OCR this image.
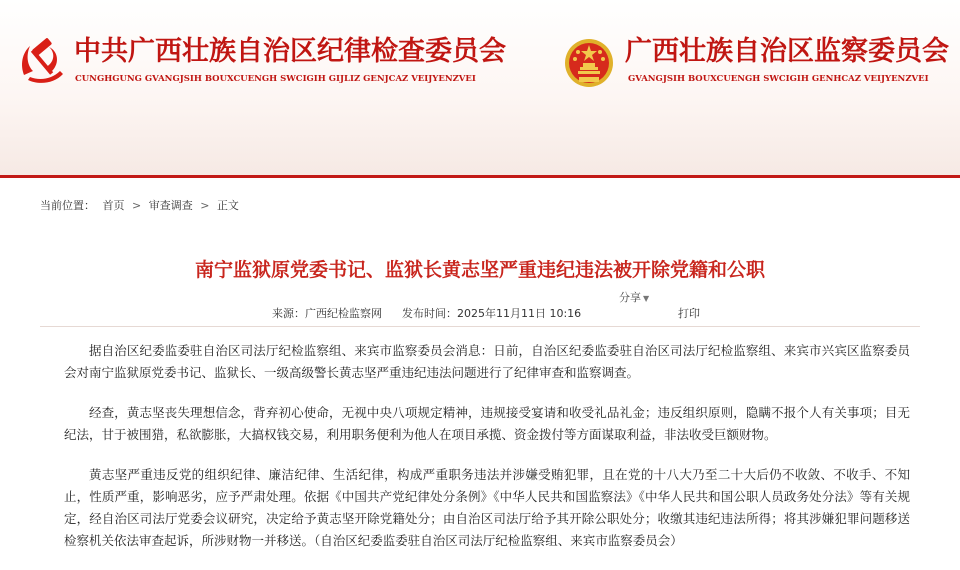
中共广西壮族自治区纪律检查委员会

CUNGHGUNG GVANGJSIH BOUXCUENGH SWCIGIH GIJLIZ GENJCAZ VEIJYENZVEI

广西壮族自治区监察委员会

GVANGJSIH BOUXCUENGH SWCIGIH GENHCAZ VEIJYENZVEI

当前位置： 首页 > 审查调查 > 正文
南宁监狱原党委书记、监狱长黄志坚严重违纪违法被开除党籍和公职
分享 ▼
来源：广西纪检监察网 发布时间：2025年11月11日 10:16	打印

据自治区纪委监委驻自治区司法厅纪检监察组、来宾市监察委员会消息：日前，自治区纪委监委驻自治区司法厅纪检监察组、来宾市兴宾区监察委员会对南宁监狱原党委书记、监狱长、一级高级警长黄志坚严重违纪违法问题进行了纪律审查和监察调查。

经查，黄志坚丧失理想信念，背弃初心使命，无视中央八项规定精神，违规接受宴请和收受礼品礼金；违反组织原则，隐瞒不报个人有关事项；目无纪法，甘于被围猎，私欲膨胀，大搞权钱交易，利用职务便利为他人在项目承揽、资金拨付等方面谋取利益，非法收受巨额财物。

黄志坚严重违反党的组织纪律、廉洁纪律、生活纪律，构成严重职务违法并涉嫌受贿犯罪，且在党的十八大乃至二十大后仍不收敛、不收手、不知止，性质严重，影响恶劣，应予严肃处理。依据《中国共产党纪律处分条例》《中华人民共和国监察法》《中华人民共和国公职人员政务处分法》等有关规定，经自治区司法厅党委会议研究，决定给予黄志坚开除党籍处分；由自治区司法厅给予其开除公职处分；收缴其违纪违法所得；将其涉嫌犯罪问题移送检察机关依法审查起诉，所涉财物一并移送。（自治区纪委监委驻自治区司法厅纪检监察组、来宾市监察委员会）
